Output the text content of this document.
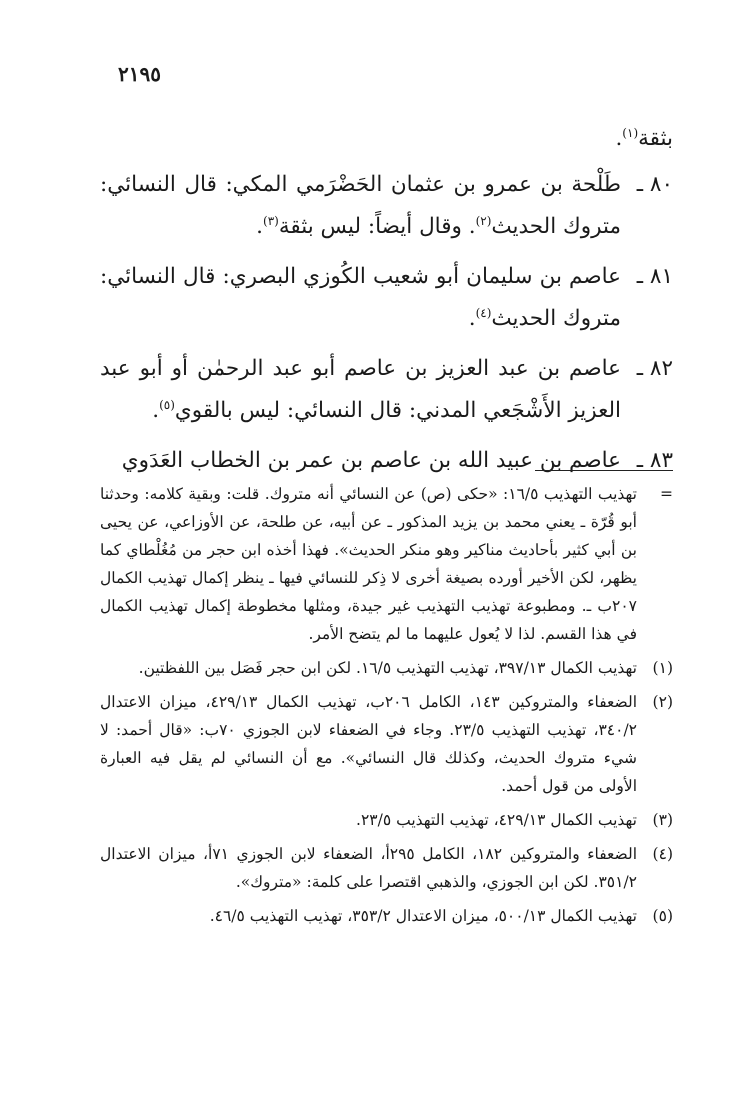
٢١٩٥
بثقة$^{(١)}$.
٨٠ ـ
طَلْحة بن عمرو بن عثمان الحَضْرَمي المكي: قال النسائي: متروك الحديث$^{(٢)}$. وقال أيضاً: ليس بثقة$^{(٣)}$.
٨١ ـ
عاصم بن سليمان أبو شعيب الكُوزي البصري: قال النسائي: متروك الحديث$^{(٤)}$.
٨٢ ـ
عاصم بن عبد العزيز بن عاصم أبو عبد الرحمٰن أو أبو عبد العزيز الأَشْجَعي المدني: قال النسائي: ليس بالقوي$^{(٥)}$.
٨٣ ـ
عاصم بن عبيد الله بن عاصم بن عمر بن الخطاب العَدَوي
=
تهذيب التهذيب ١٦/٥: «حكى (ص) عن النسائي أنه متروك. قلت: وبقية كلامه: وحدثنا أبو قُرّة ـ يعني محمد بن يزيد المذكور ـ عن أبيه، عن طلحة، عن الأوزاعي، عن يحيى بن أبي كثير بأحاديث مناكير وهو منكر الحديث». فهذا أخذه ابن حجر من مُغُلْطاي كما يظهر، لكن الأخير أورده بصيغة أخرى لا ذِكر للنسائي فيها ـ ينظر إكمال تهذيب الكمال ٢٠٧ب ـ. ومطبوعة تهذيب التهذيب غير جيدة، ومثلها مخطوطة إكمال تهذيب الكمال في هذا القسم. لذا لا يُعول عليهما ما لم يتضح الأمر.
(١)
تهذيب الكمال ٣٩٧/١٣، تهذيب التهذيب ١٦/٥. لكن ابن حجر فَصَل بين اللفظتين.
(٢)
الضعفاء والمتروكين ١٤٣، الكامل ٢٠٦ب، تهذيب الكمال ٤٢٩/١٣، ميزان الاعتدال ٣٤٠/٢، تهذيب التهذيب ٢٣/٥. وجاء في الضعفاء لابن الجوزي ٧٠ب: «قال أحمد: لا شيء متروك الحديث، وكذلك قال النسائي». مع أن النسائي لم يقل فيه العبارة الأولى من قول أحمد.
(٣)
تهذيب الكمال ٤٢٩/١٣، تهذيب التهذيب ٢٣/٥.
(٤)
الضعفاء والمتروكين ١٨٢، الكامل ٢٩٥أ، الضعفاء لابن الجوزي ٧١أ، ميزان الاعتدال ٣٥١/٢. لكن ابن الجوزي، والذهبي اقتصرا على كلمة: «متروك».
(٥)
تهذيب الكمال ٥٠٠/١٣، ميزان الاعتدال ٣٥٣/٢، تهذيب التهذيب ٤٦/٥.
